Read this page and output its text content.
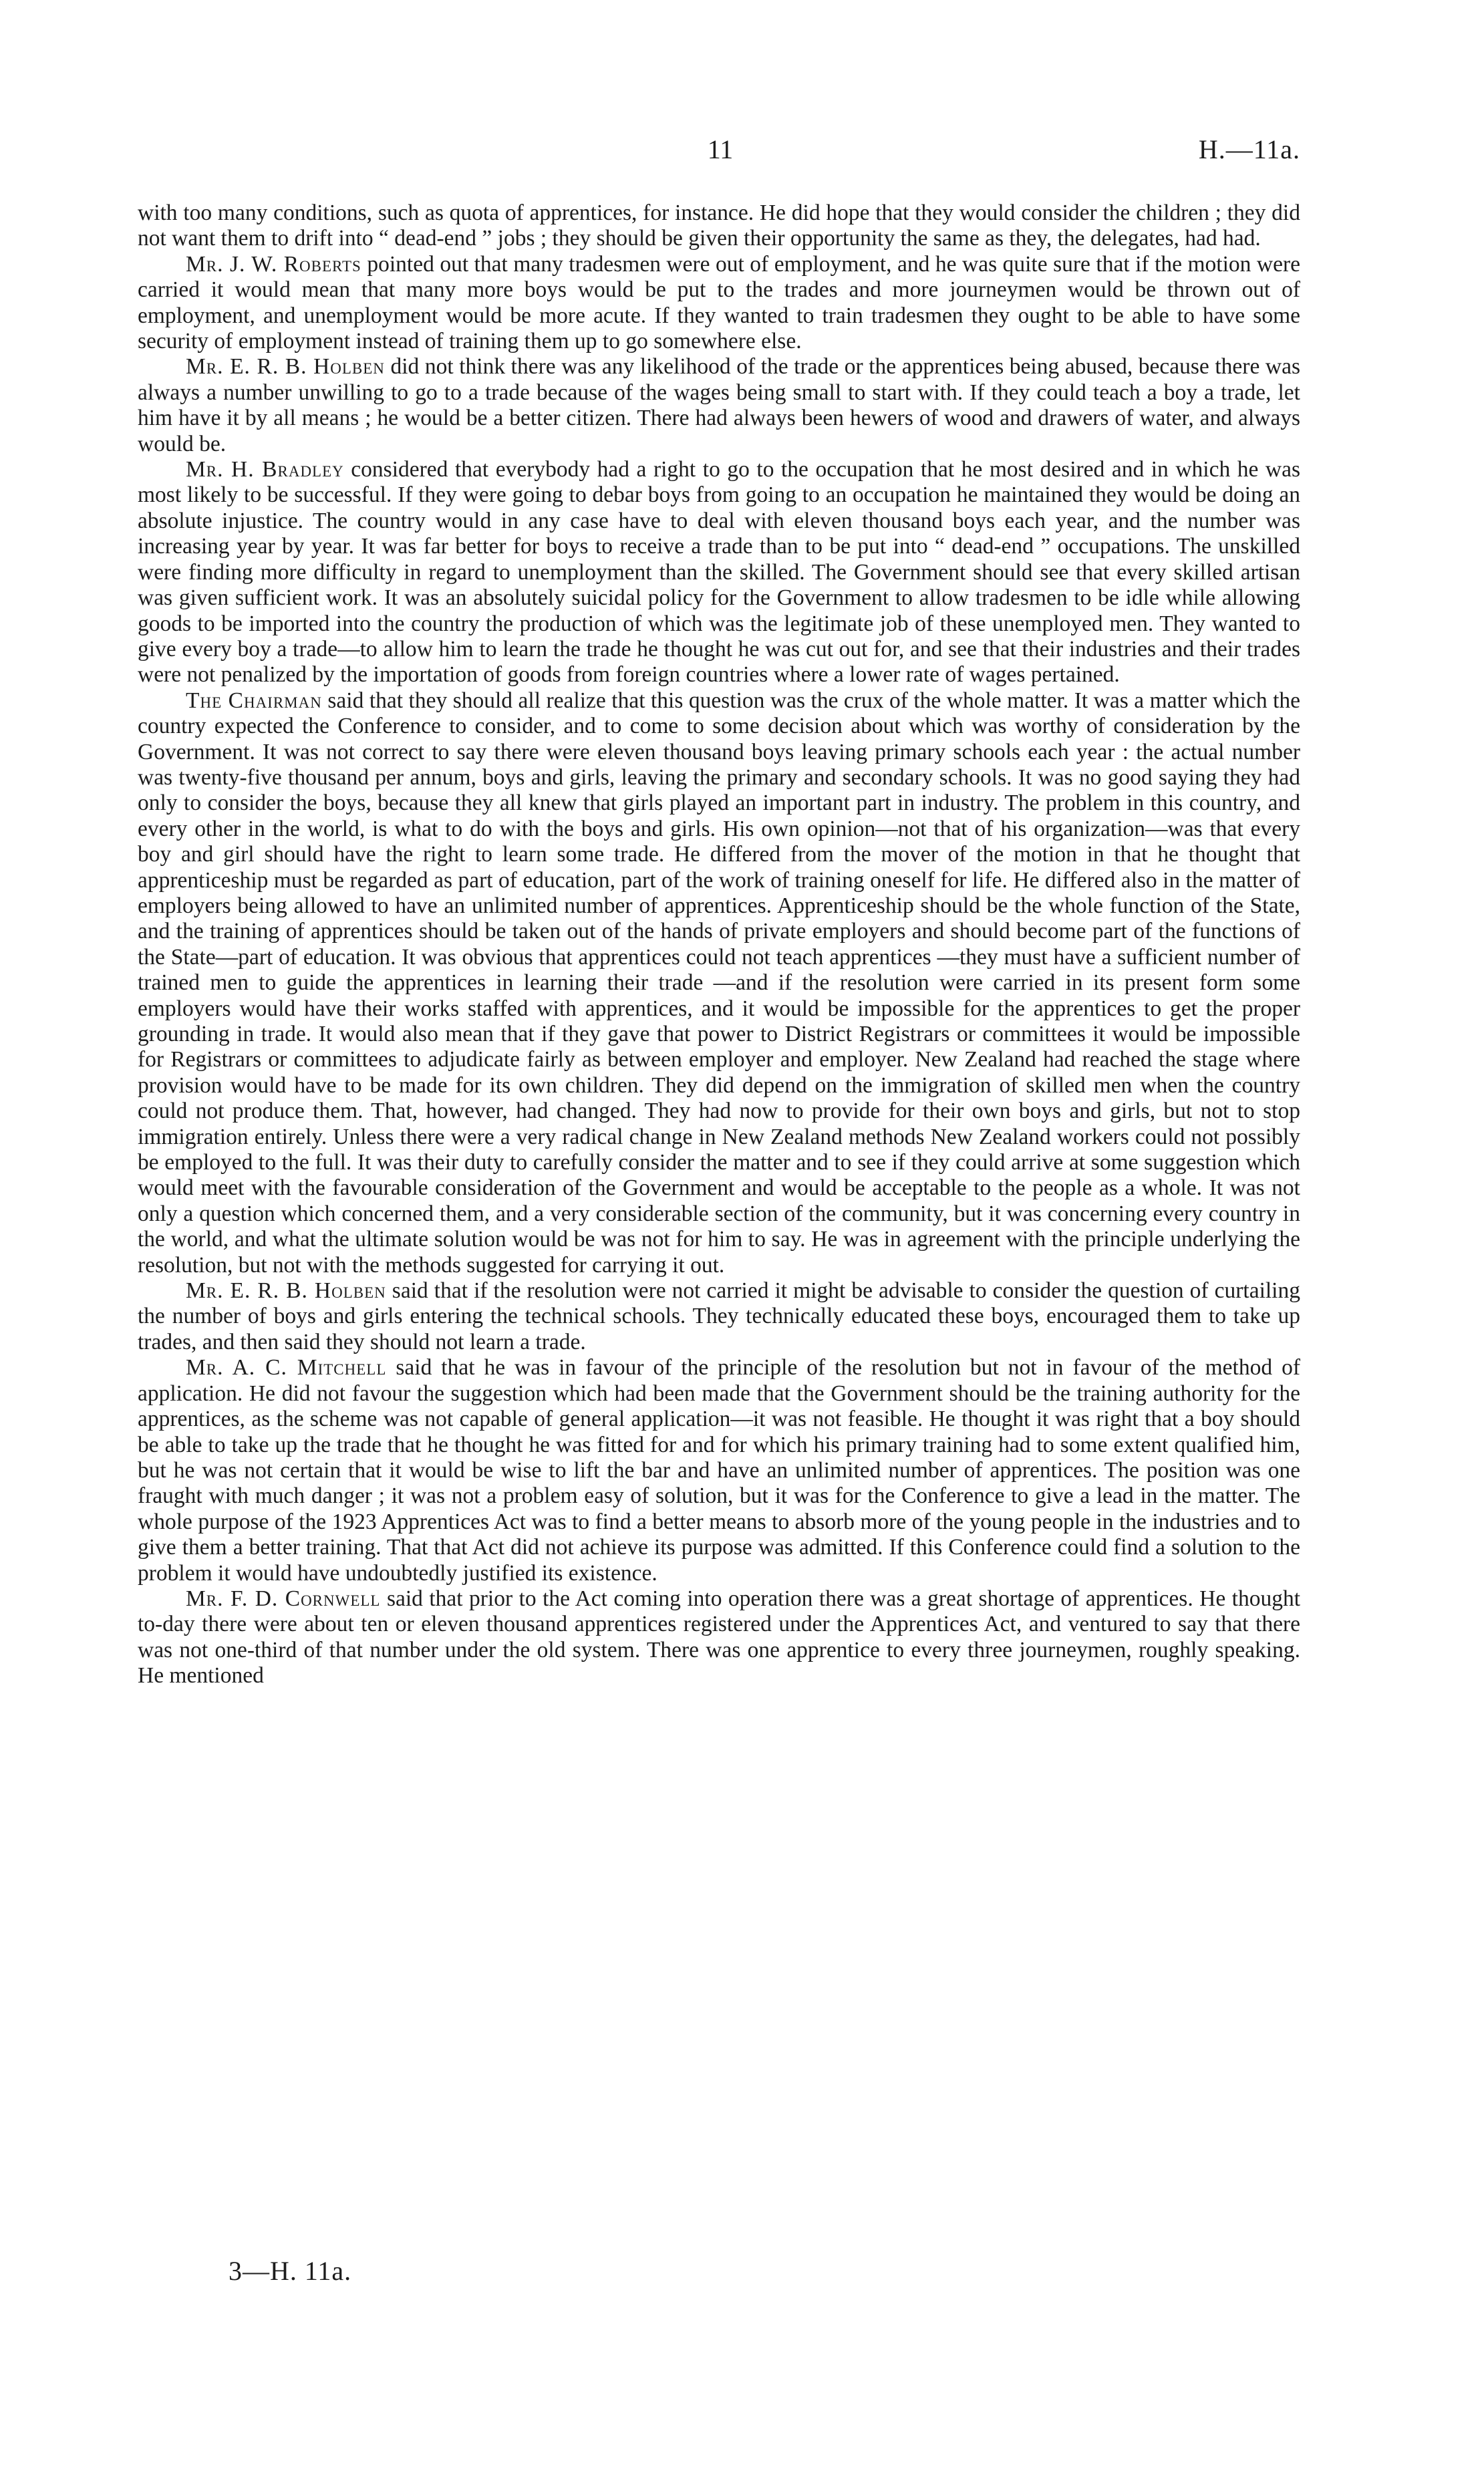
11	H.—11a.

with too many conditions, such as quota of apprentices, for instance. He did hope that they would consider the children ; they did not want them to drift into “ dead-end ” jobs ; they should be given their opportunity the same as they, the delegates, had had.

Mr. J. W. Roberts pointed out that many tradesmen were out of employment, and he was quite sure that if the motion were carried it would mean that many more boys would be put to the trades and more journeymen would be thrown out of employment, and unemployment would be more acute. If they wanted to train tradesmen they ought to be able to have some security of employment instead of training them up to go somewhere else.

Mr. E. R. B. Holben did not think there was any likelihood of the trade or the apprentices being abused, because there was always a number unwilling to go to a trade because of the wages being small to start with. If they could teach a boy a trade, let him have it by all means ; he would be a better citizen. There had always been hewers of wood and drawers of water, and always would be.

Mr. H. Bradley considered that everybody had a right to go to the occupation that he most desired and in which he was most likely to be successful. If they were going to debar boys from going to an occupation he maintained they would be doing an absolute injustice. The country would in any case have to deal with eleven thousand boys each year, and the number was increasing year by year. It was far better for boys to receive a trade than to be put into “ dead-end ” occupations. The unskilled were finding more difficulty in regard to unemployment than the skilled. The Government should see that every skilled artisan was given sufficient work. It was an absolutely suicidal policy for the Government to allow tradesmen to be idle while allowing goods to be imported into the country the production of which was the legitimate job of these unemployed men. They wanted to give every boy a trade—to allow him to learn the trade he thought he was cut out for, and see that their industries and their trades were not penalized by the importation of goods from foreign countries where a lower rate of wages pertained.

The Chairman said that they should all realize that this question was the crux of the whole matter. It was a matter which the country expected the Conference to consider, and to come to some decision about which was worthy of consideration by the Government. It was not correct to say there were eleven thousand boys leaving primary schools each year : the actual number was twenty-five thousand per annum, boys and girls, leaving the primary and secondary schools. It was no good saying they had only to consider the boys, because they all knew that girls played an important part in industry. The problem in this country, and every other in the world, is what to do with the boys and girls. His own opinion—not that of his organization—was that every boy and girl should have the right to learn some trade. He differed from the mover of the motion in that he thought that apprenticeship must be regarded as part of education, part of the work of training oneself for life. He differed also in the matter of employers being allowed to have an unlimited number of apprentices. Apprenticeship should be the whole function of the State, and the training of apprentices should be taken out of the hands of private employers and should become part of the functions of the State—part of education. It was obvious that apprentices could not teach apprentices —they must have a sufficient number of trained men to guide the apprentices in learning their trade —and if the resolution were carried in its present form some employers would have their works staffed with apprentices, and it would be impossible for the apprentices to get the proper grounding in trade. It would also mean that if they gave that power to District Registrars or committees it would be impossible for Registrars or committees to adjudicate fairly as between employer and employer. New Zealand had reached the stage where provision would have to be made for its own children. They did depend on the immigration of skilled men when the country could not produce them. That, however, had changed. They had now to provide for their own boys and girls, but not to stop immigration entirely. Unless there were a very radical change in New Zealand methods New Zealand workers could not possibly be employed to the full. It was their duty to carefully consider the matter and to see if they could arrive at some suggestion which would meet with the favourable consideration of the Government and would be acceptable to the people as a whole. It was not only a question which concerned them, and a very considerable section of the community, but it was concerning every country in the world, and what the ultimate solution would be was not for him to say. He was in agreement with the principle underlying the resolution, but not with the methods suggested for carrying it out.

Mr. E. R. B. Holben said that if the resolution were not carried it might be advisable to consider the question of curtailing the number of boys and girls entering the technical schools. They technically educated these boys, encouraged them to take up trades, and then said they should not learn a trade.

Mr. A. C. Mitchell said that he was in favour of the principle of the resolution but not in favour of the method of application. He did not favour the suggestion which had been made that the Government should be the training authority for the apprentices, as the scheme was not capable of general application—it was not feasible. He thought it was right that a boy should be able to take up the trade that he thought he was fitted for and for which his primary training had to some extent qualified him, but he was not certain that it would be wise to lift the bar and have an unlimited number of apprentices. The position was one fraught with much danger ; it was not a problem easy of solution, but it was for the Conference to give a lead in the matter. The whole purpose of the 1923 Apprentices Act was to find a better means to absorb more of the young people in the industries and to give them a better training. That that Act did not achieve its purpose was admitted. If this Conference could find a solution to the problem it would have undoubtedly justified its existence.

Mr. F. D. Cornwell said that prior to the Act coming into operation there was a great shortage of apprentices. He thought to-day there were about ten or eleven thousand apprentices registered under the Apprentices Act, and ventured to say that there was not one-third of that number under the old system. There was one apprentice to every three journeymen, roughly speaking. He mentioned

3—H. 11a.
